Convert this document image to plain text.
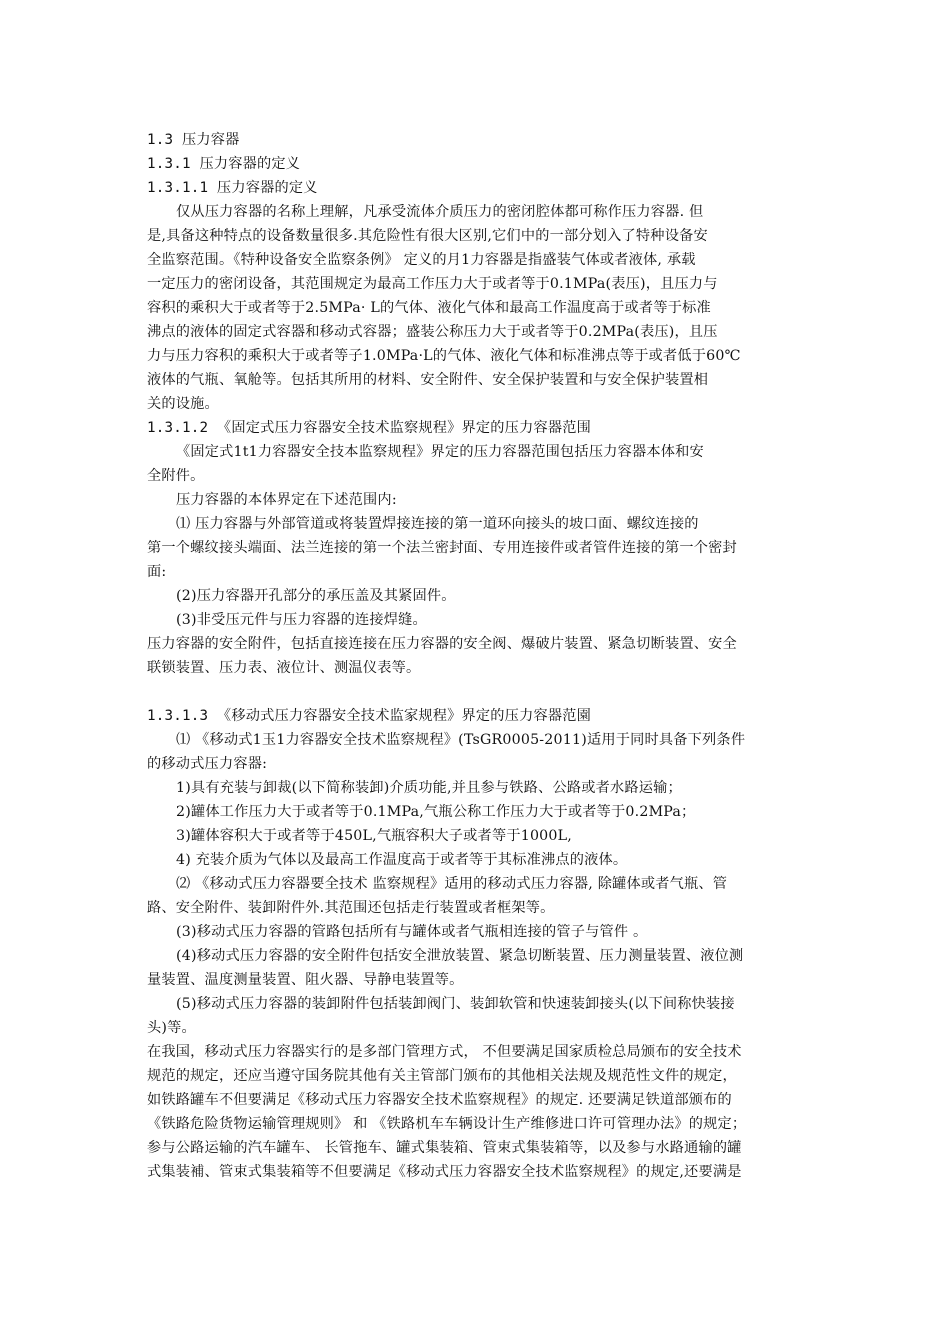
1.3 压力容器
1.3.1 压力容器的定义
1.3.1.1 压力容器的定义
仅从压力容器的名称上理解，凡承受流体介质压力的密闭腔体都可称作压力容器. 但
是,具备这种特点的设备数量很多.其危险性有很大区别,它们中的一部分划入了特种设备安
全监察范围。《特种设备安全监察条例》 定义的月1力容器是指盛装气体或者液体, 承载
一定压力的密闭设备，其范围规定为最高工作压力大于或者等于0.1MPa(表压)，且压力与
容积的乘积大于或者等于2.5MPa· L的气体、液化气体和最高工作温度高于或者等于标准
沸点的液体的固定式容器和移动式容器；盛装公称压力大于或者等于0.2MPa(表压)，且压
力与压力容积的乘积大于或者等子1.0MPa·L的气体、液化气体和标准沸点等于或者低于60℃
液体的气瓶、氧舱等。包括其所用的材料、安全附件、安全保护装置和与安全保护装置相
关的设施。
1.3.1.2 《固定式压力容器安全技术监察规程》界定的压力容器范围
《固定式1t1力容器安全技本监察规程》界定的压力容器范围包括压力容器本体和安
全附件。
压力容器的本体界定在下述范围内:
⑴ 压力容器与外部管道或将装置焊接连接的第一道环向接头的坡口面、螺纹连接的
第一个螺纹接头端面、法兰连接的第一个法兰密封面、专用连接件或者管件连接的第一个密封
面:
(2)压力容器开孔部分的承压盖及其紧固件。
(3)非受压元件与压力容器的连接焊缝。
压力容器的安全附件，包括直接连接在压力容器的安全阀、爆破片装置、紧急切断装置、安全
联锁装置、压力表、液位计、测温仪表等。
1.3.1.3 《移动式压力容器安全技术监家规程》界定的压力容器范園
⑴ 《移动式1玉1力容器安全技术监察规程》(TsGR0005-2011)适用于同时具备下列条件
的移动式压力容器:
1)具有充装与卸裁(以下简称装卸)介质功能,并且参与铁路、公路或者水路运输；
2)罐体工作压力大于或者等于0.1MPa,气瓶公称工作压力大于或者等于0.2MPa；
3)罐体容积大于或者等于450L,气瓶容积大子或者等于1000L,
4) 充装介质为气体以及最高工作温度高于或者等于其标准沸点的液体。
⑵ 《移动式压力容器要全技术 监察规程》适用的移动式压力容器, 除罐体或者气瓶、管
路、安全附件、装卸附件外.其范围还包括走行装置或者框架等。
(3)移动式压力容器的管路包括所有与罐体或者气瓶相连接的管子与管件 。
(4)移动式压力容器的安全附件包括安全泄放装置、紧急切断装置、压力测量装置、液位测
量装置、温度测量装置、阻火器、导静电装置等。
(5)移动式压力容器的装卸附件包括装卸阀门、装卸软管和快速装卸接头(以下间称快装接
头)等。
在我国，移动式压力容器实行的是多部门管理方式， 不但要满足国家质检总局颁布的安全技术
规范的规定，还应当遵守国务院其他有关主管部门颁布的其他相关法规及规范性文件的规定，
如铁路罐车不但要满足《移动式压力容器安全技术监察规程》的规定. 还要满足铁道部颁布的
《铁路危险货物运输管理规则》 和 《铁路机车车辆设计生产维修进口许可管理办法》的规定；
参与公路运输的汽车罐车、 长管拖车、罐式集装箱、管束式集装箱等，以及参与水路通输的罐
式集装補、管束式集装箱等不但要满足《移动式压力容器安全技术监察规程》的规定,还要满是
